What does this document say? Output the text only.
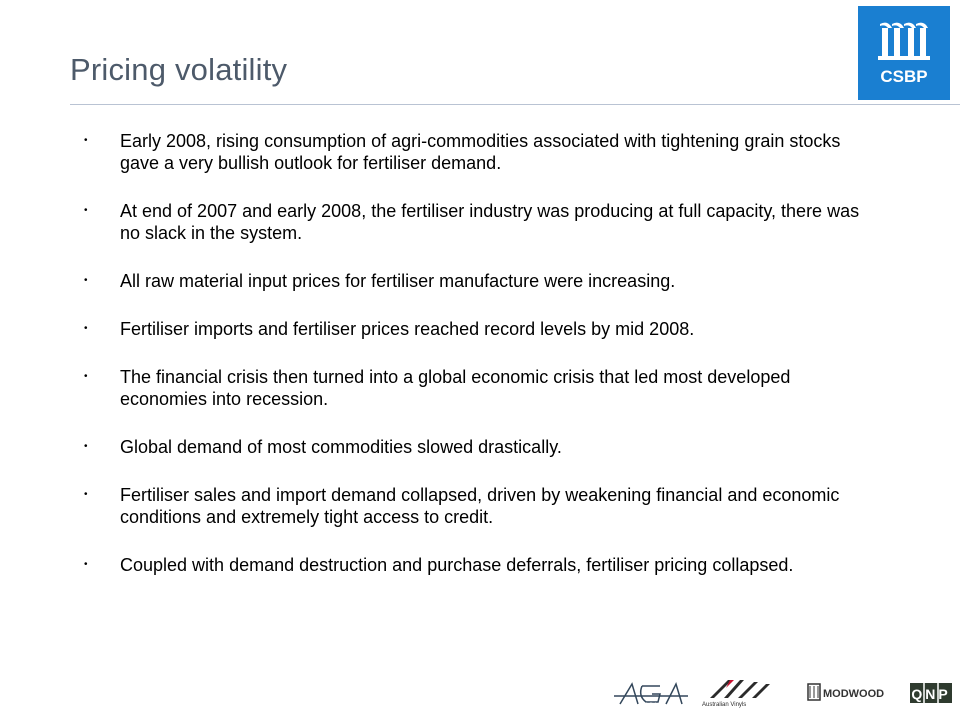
Pricing volatility	CSBP
• Early 2008, rising consumption of agri-commodities associated with tightening grain stocks gave a very bullish outlook for fertiliser demand.
• At end of 2007 and early 2008, the fertiliser industry was producing at full capacity, there was no slack in the system.
• All raw material input prices for fertiliser manufacture were increasing.
• Fertiliser imports and fertiliser prices reached record levels by mid 2008.
• The financial crisis then turned into a global economic crisis that led most developed economies into recession.
• Global demand of most commodities slowed drastically.
• Fertiliser sales and import demand collapsed, driven by weakening financial and economic conditions and extremely tight access to credit.
• Coupled with demand destruction and purchase deferrals, fertiliser pricing collapsed.
AGA	Australian Vinyls
MODWOOD QNP
